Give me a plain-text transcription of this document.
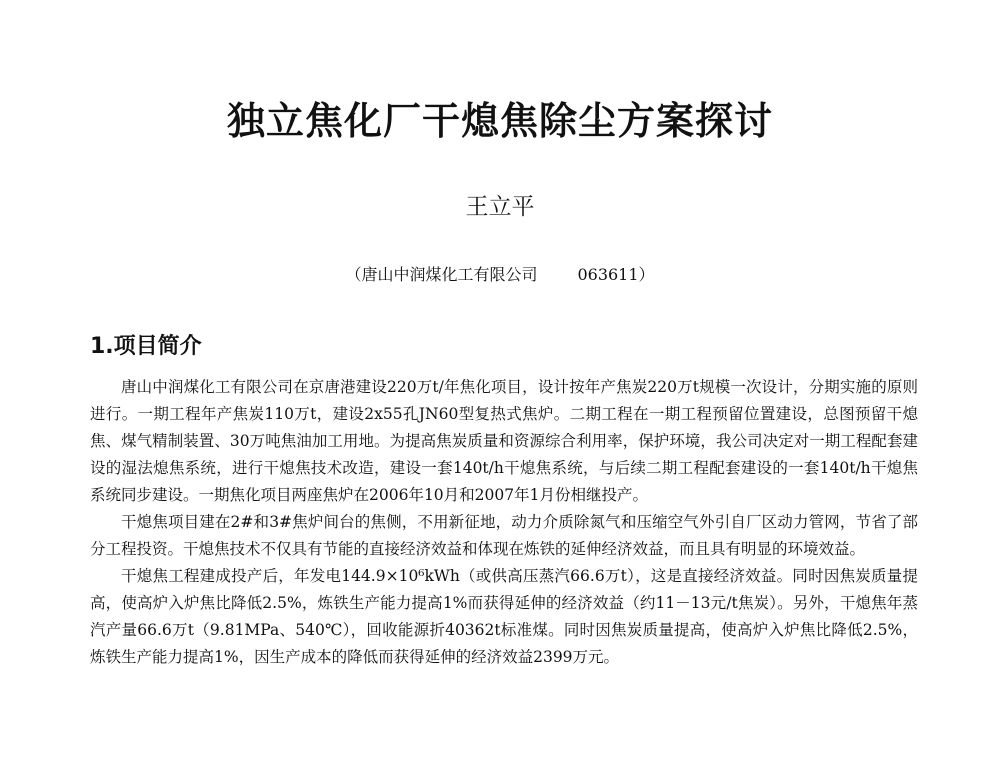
独立焦化厂干熄焦除尘方案探讨
王立平
（唐山中润煤化工有限公司	063611）
1.项目简介

唐山中润煤化工有限公司在京唐港建设220万t/年焦化项目，设计按年产焦炭220万t规模一次设计，分期实施的原则进行。一期工程年产焦炭110万t，建设2x55孔JN60型复热式焦炉。二期工程在一期工程预留位置建设，总图预留干熄焦、煤气精制装置、30万吨焦油加工用地。为提高焦炭质量和资源综合利用率，保护环境，我公司决定对一期工程配套建设的湿法熄焦系统，进行干熄焦技术改造，建设一套140t/h干熄焦系统，与后续二期工程配套建设的一套140t/h干熄焦系统同步建设。一期焦化项目两座焦炉在2006年10月和2007年1月份相继投产。

干熄焦项目建在2#和3#焦炉间台的焦侧，不用新征地，动力介质除氮气和压缩空气外引自厂区动力管网，节省了部分工程投资。干熄焦技术不仅具有节能的直接经济效益和体现在炼铁的延伸经济效益，而且具有明显的环境效益。

干熄焦工程建成投产后，年发电144.9×10⁶kWh（或供高压蒸汽66.6万t），这是直接经济效益。同时因焦炭质量提高，使高炉入炉焦比降低2.5%，炼铁生产能力提高1%而获得延伸的经济效益（约11－13元/t焦炭）。另外，干熄焦年蒸汽产量66.6万t（9.81MPa、540℃），回收能源折40362t标准煤。同时因焦炭质量提高，使高炉入炉焦比降低2.5%，炼铁生产能力提高1%，因生产成本的降低而获得延伸的经济效益2399万元。
